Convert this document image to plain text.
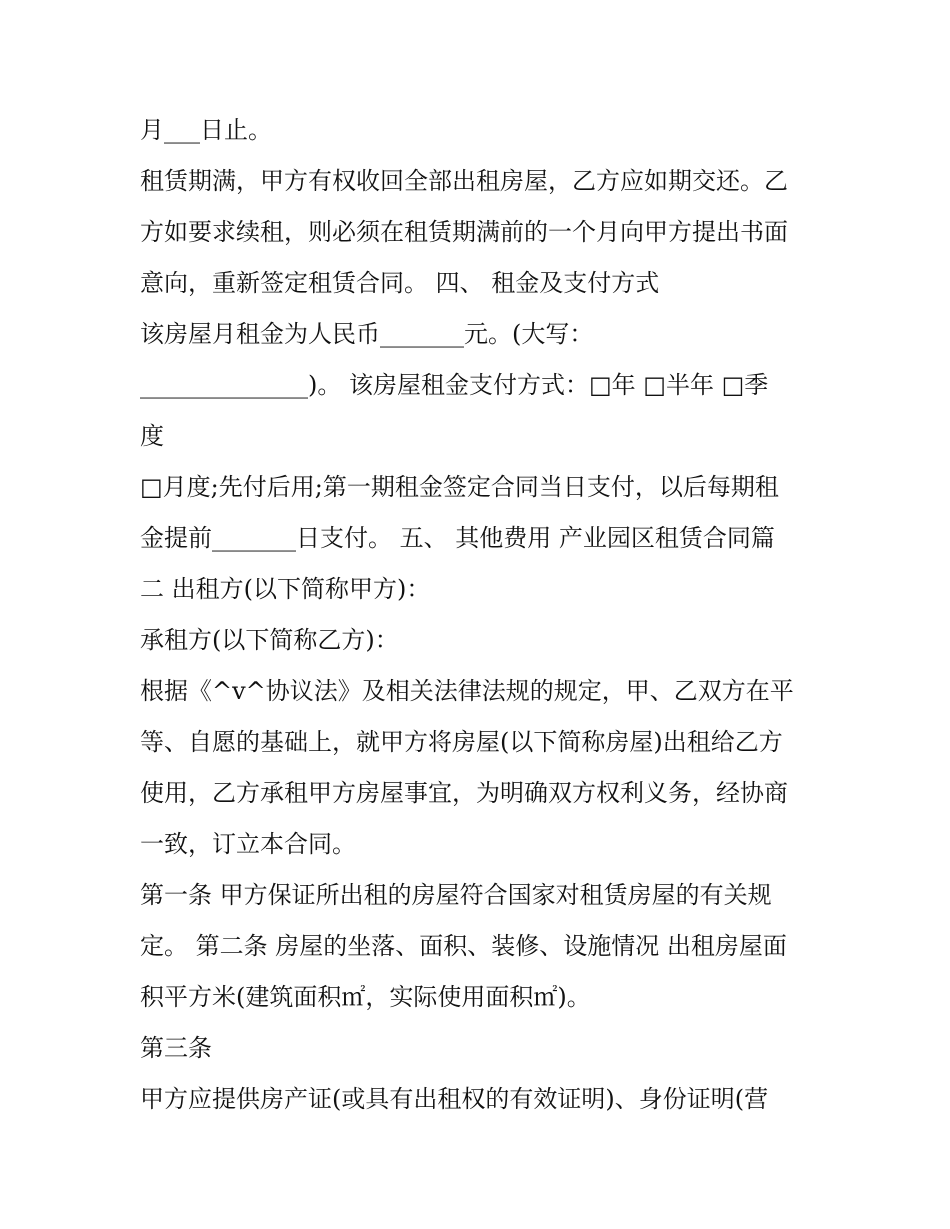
月___日止。
租赁期满，甲方有权收回全部出租房屋，乙方应如期交还。乙
方如要求续租，则必须在租赁期满前的一个月向甲方提出书面
意向，重新签定租赁合同。 四、 租金及支付方式
该房屋月租金为人民币_______元。(大写：
______________)。 该房屋租金支付方式：□年 □半年 □季
度
□月度;先付后用;第一期租金签定合同当日支付，以后每期租
金提前_______日支付。 五、 其他费用 产业园区租赁合同篇
二 出租方(以下简称甲方)：
承租方(以下简称乙方)：
根据《^v^协议法》及相关法律法规的规定，甲、乙双方在平
等、自愿的基础上，就甲方将房屋(以下简称房屋)出租给乙方
使用，乙方承租甲方房屋事宜，为明确双方权利义务，经协商
一致，订立本合同。
第一条 甲方保证所出租的房屋符合国家对租赁房屋的有关规
定。 第二条 房屋的坐落、面积、装修、设施情况 出租房屋面
积平方米(建筑面积㎡，实际使用面积㎡)。
第三条
甲方应提供房产证(或具有出租权的有效证明)、身份证明(营
